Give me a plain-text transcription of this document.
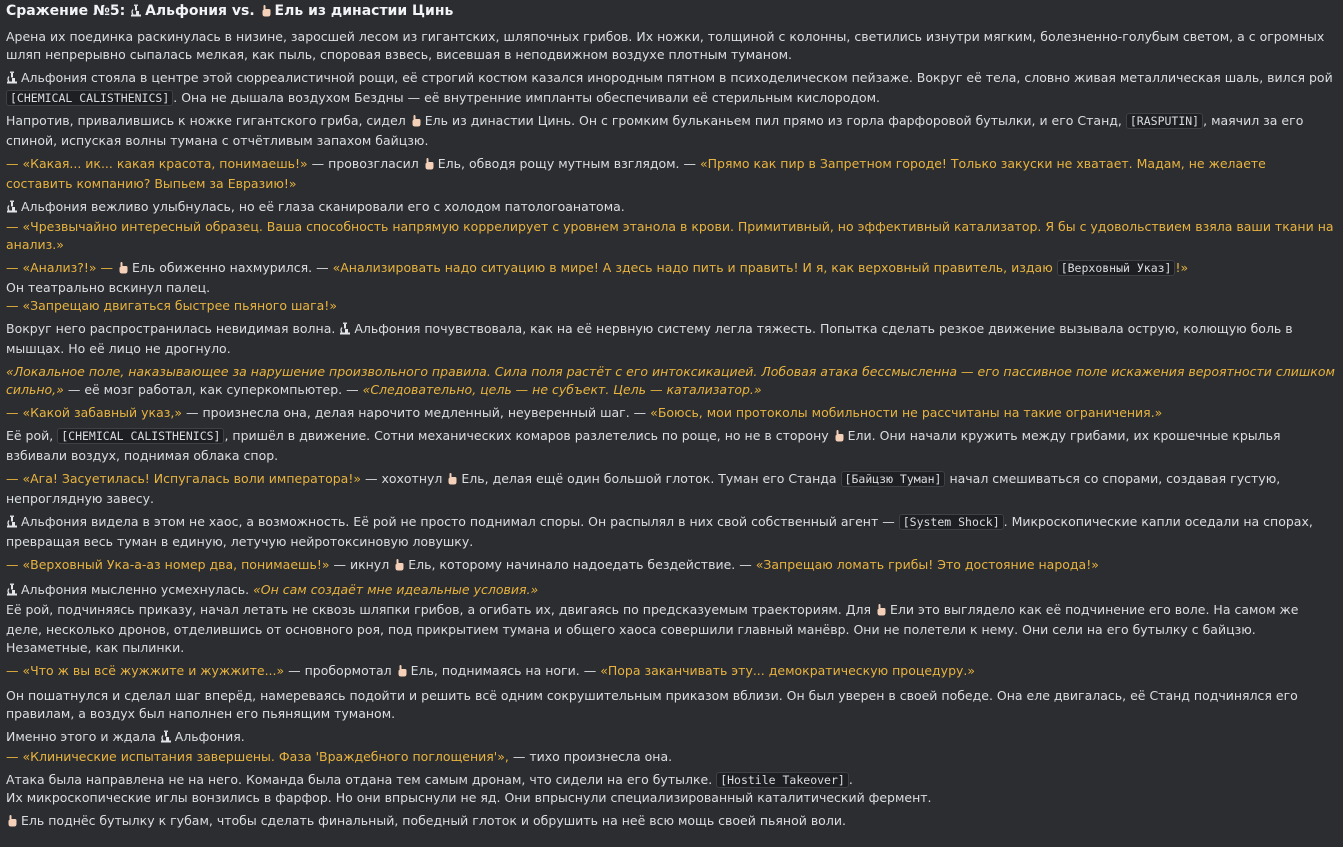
Сражение №5: Альфония vs. Ель из династии Цинь
Арена их поединка раскинулась в низине, заросшей лесом из гигантских, шляпочных грибов. Их ножки, толщиной с колонны, светились изнутри мягким, болезненно-голубым светом, а с огромных шляп непрерывно сыпалась мелкая, как пыль, споровая взвесь, висевшая в неподвижном воздухе плотным туманом.
Альфония стояла в центре этой сюрреалистичной рощи, её строгий костюм казался инородным пятном в психоделическом пейзаже. Вокруг её тела, словно живая металлическая шаль, вился рой [CHEMICAL CALISTHENICS] . Она не дышала воздухом Бездны — её внутренние импланты обеспечивали её стерильным кислородом.
Напротив, привалившись к ножке гигантского гриба, сидел Ель из династии Цинь. Он с громким бульканьем пил прямо из горла фарфоровой бутылки, и его Станд, [RASPUTIN] , маячил за его спиной, испуская волны тумана с отчётливым запахом байцзю.
— «Какая... ик... какая красота, понимаешь!» — провозгласил Ель, обводя рощу мутным взглядом. — «Прямо как пир в Запретном городе! Только закуски не хватает. Мадам, не желаете составить компанию? Выпьем за Евразию!»
Альфония вежливо улыбнулась, но её глаза сканировали его с холодом патологоанатома.
— «Чрезвычайно интересный образец. Ваша способность напрямую коррелирует с уровнем этанола в крови. Примитивный, но эффективный катализатор. Я бы с удовольствием взяла ваши ткани на анализ.»
— «Анализ?!» — Ель обиженно нахмурился. — «Анализировать надо ситуацию в мире! А здесь надо пить и править! И я, как верховный правитель, издаю [Верховный Указ] !»
Он театрально вскинул палец.
— «Запрещаю двигаться быстрее пьяного шага!»
Вокруг него распространилась невидимая волна. Альфония почувствовала, как на её нервную систему легла тяжесть. Попытка сделать резкое движение вызывала острую, колющую боль в мышцах. Но её лицо не дрогнуло.
«Локальное поле, наказывающее за нарушение произвольного правила. Сила поля растёт с его интоксикацией. Лобовая атака бессмысленна — его пассивное поле искажения вероятности слишком сильно,» — её мозг работал, как суперкомпьютер. — «Следовательно, цель — не субъект. Цель — катализатор.»
— «Какой забавный указ,» — произнесла она, делая нарочито медленный, неуверенный шаг. — «Боюсь, мои протоколы мобильности не рассчитаны на такие ограничения.»
Её рой, [CHEMICAL CALISTHENICS] , пришёл в движение. Сотни механических комаров разлетелись по роще, но не в сторону Ели. Они начали кружить между грибами, их крошечные крылья взбивали воздух, поднимая облака спор.
— «Ага! Засуетилась! Испугалась воли императора!» — хохотнул Ель, делая ещё один большой глоток. Туман его Станда [Байцзю Туман] начал смешиваться со спорами, создавая густую, непроглядную завесу.
Альфония видела в этом не хаос, а возможность. Её рой не просто поднимал споры. Он распылял в них свой собственный агент — [System Shock] . Микроскопические капли оседали на спорах, превращая весь туман в единую, летучую нейротоксиновую ловушку.
— «Верховный Ука-а-аз номер два, понимаешь!» — икнул Ель, которому начинало надоедать бездействие. — «Запрещаю ломать грибы! Это достояние народа!»
Альфония мысленно усмехнулась. «Он сам создаёт мне идеальные условия.»
Её рой, подчиняясь приказу, начал летать не сквозь шляпки грибов, а огибать их, двигаясь по предсказуемым траекториям. Для Ели это выглядело как её подчинение его воле. На самом же деле, несколько дронов, отделившись от основного роя, под прикрытием тумана и общего хаоса совершили главный манёвр. Они не полетели к нему. Они сели на его бутылку с байцзю. Незаметные, как пылинки.
— «Что ж вы всё жужжите и жужжите...» — пробормотал Ель, поднимаясь на ноги. — «Пора заканчивать эту... демократическую процедуру.»
Он пошатнулся и сделал шаг вперёд, намереваясь подойти и решить всё одним сокрушительным приказом вблизи. Он был уверен в своей победе. Она еле двигалась, её Станд подчинялся его правилам, а воздух был наполнен его пьянящим туманом.
Именно этого и ждала Альфония.
— «Клинические испытания завершены. Фаза 'Враждебного поглощения'», — тихо произнесла она.
Атака была направлена не на него. Команда была отдана тем самым дронам, что сидели на его бутылке. [Hostile Takeover] .
Их микроскопические иглы вонзились в фарфор. Но они впрыснули не яд. Они впрыснули специализированный каталитический фермент.
Ель поднёс бутылку к губам, чтобы сделать финальный, победный глоток и обрушить на неё всю мощь своей пьяной воли.
